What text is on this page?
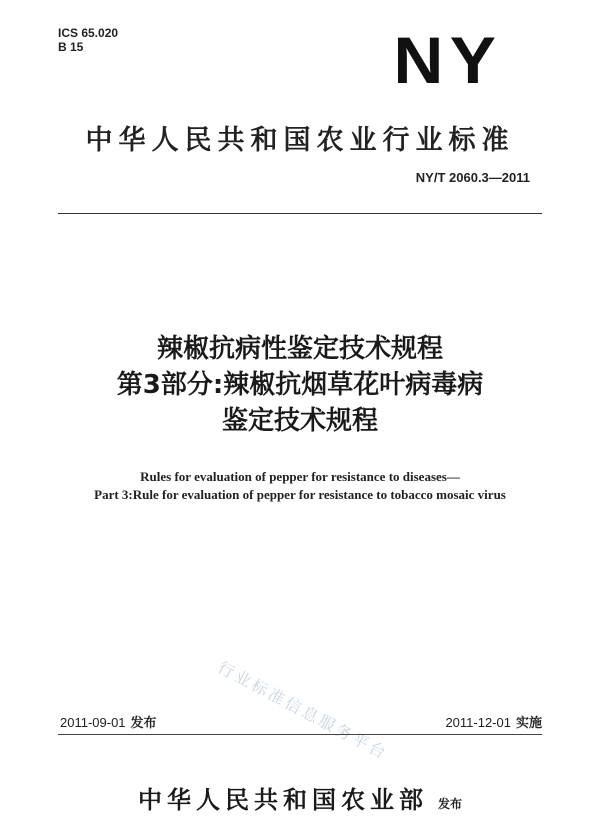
ICS 65.020
B 15	NY
中华人民共和国农业行业标准
NY/T 2060.3—2011
辣椒抗病性鉴定技术规程
第3部分:辣椒抗烟草花叶病毒病
鉴定技术规程
Rules for evaluation of pepper for resistance to diseases—
Part 3:Rule for evaluation of pepper for resistance to tobacco mosaic virus
行业标准信息服务平台
2011-09-01 发布	2011-12-01 实施
中华人民共和国农业部 发布
